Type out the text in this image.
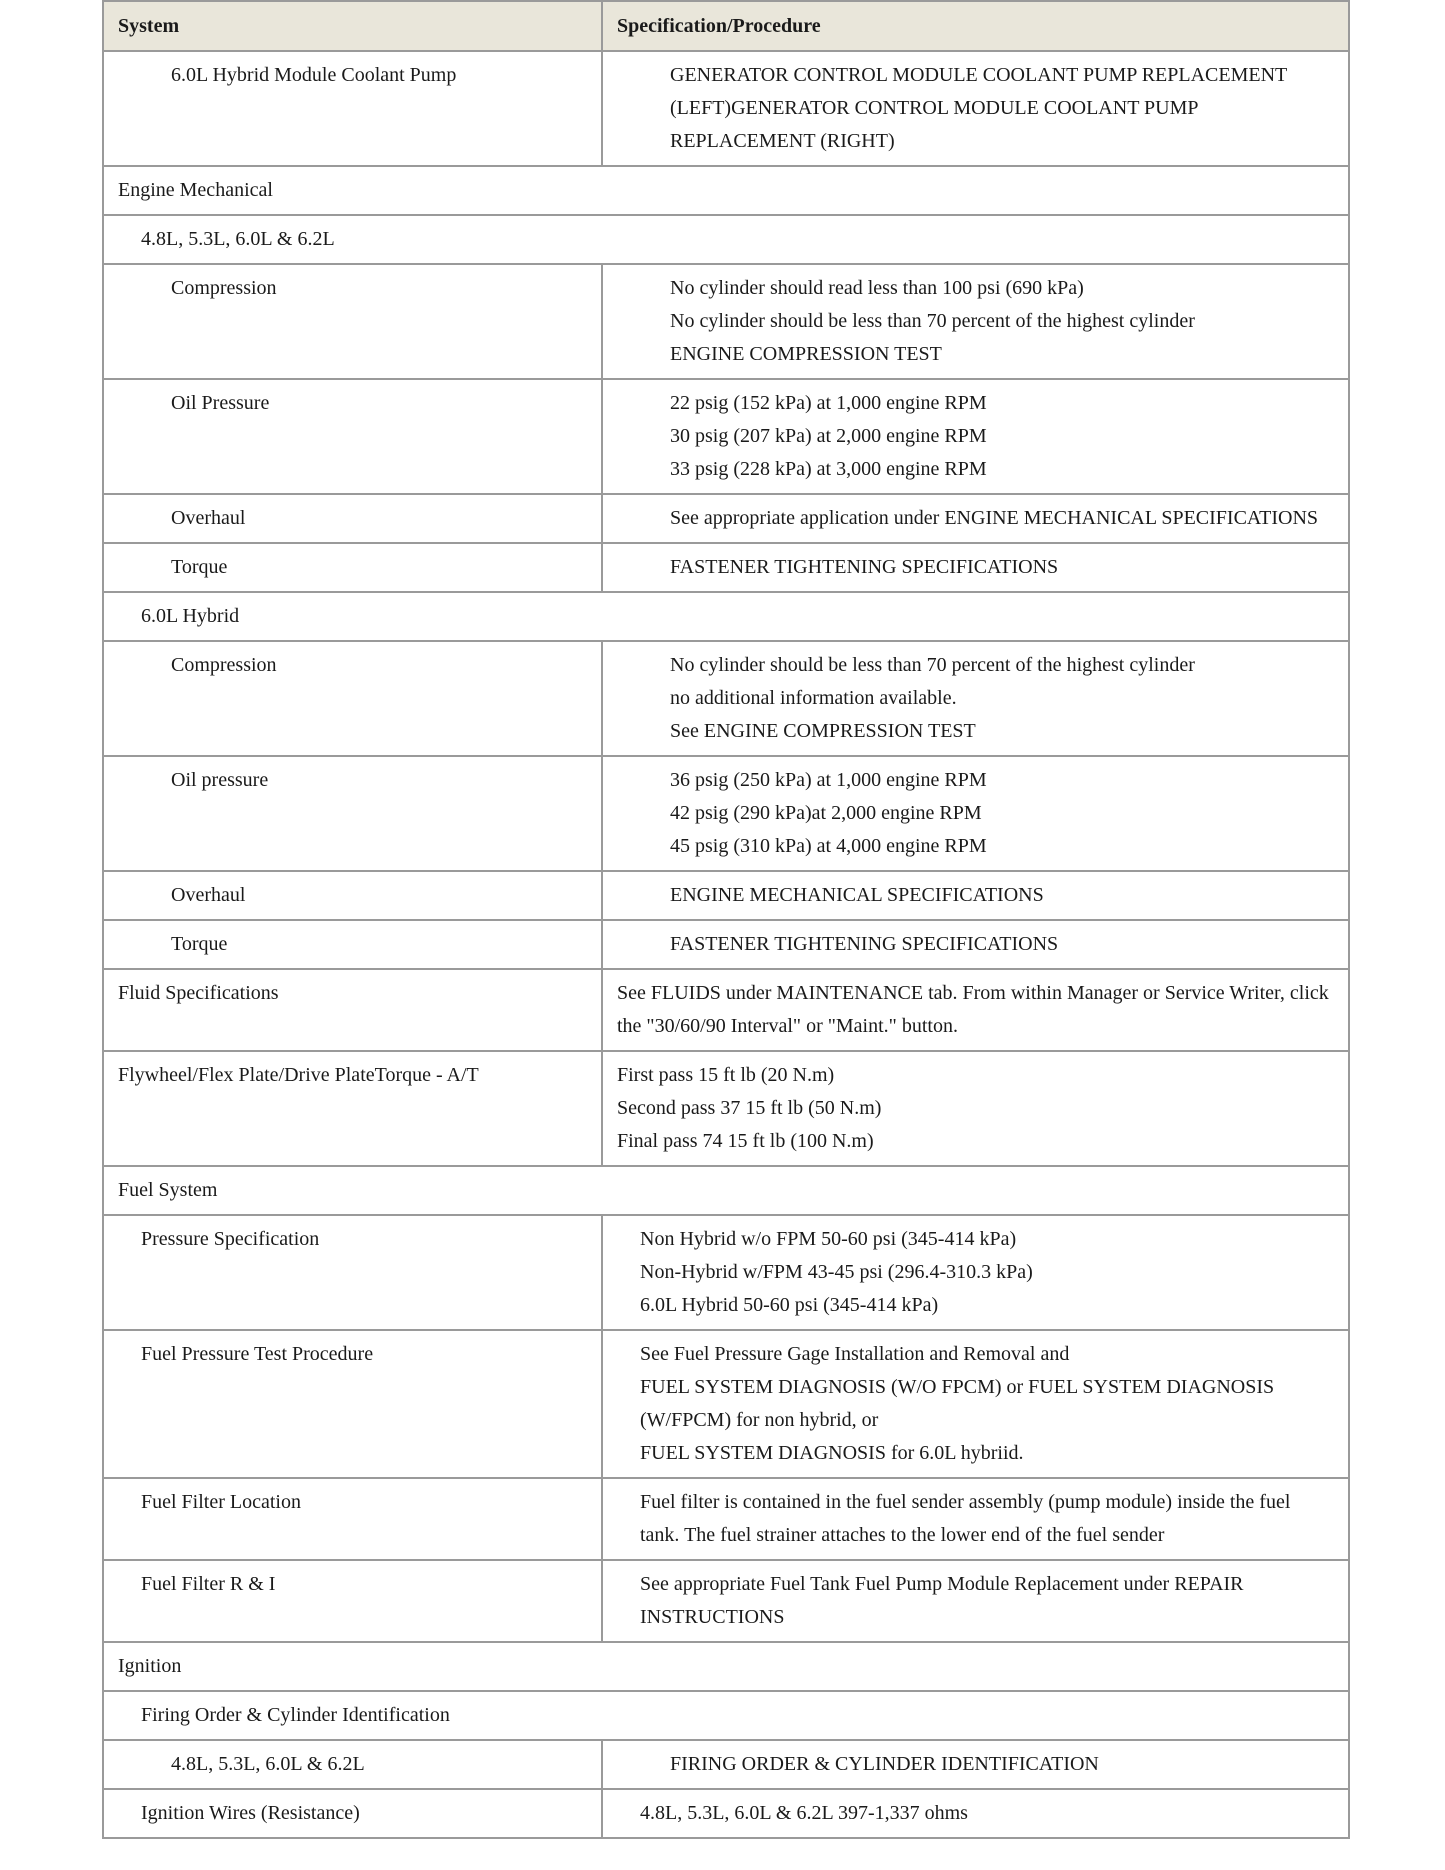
System	Specification/Procedure
6.0L Hybrid Module Coolant Pump	GENERATOR CONTROL MODULE COOLANT PUMP REPLACEMENT (LEFT)GENERATOR CONTROL MODULE COOLANT PUMP REPLACEMENT (RIGHT)

Engine Mechanical	
4.8L, 5.3L, 6.0L & 6.2L	
Compression	No cylinder should read less than 100 psi (690 kPa)
No cylinder should be less than 70 percent of the highest cylinder
ENGINE COMPRESSION TEST

Oil Pressure	22 psig (152 kPa) at 1,000 engine RPM
30 psig (207 kPa) at 2,000 engine RPM
33 psig (228 kPa) at 3,000 engine RPM

Overhaul	See appropriate application under ENGINE MECHANICAL SPECIFICATIONS

Torque	FASTENER TIGHTENING SPECIFICATIONS

6.0L Hybrid	
Compression	No cylinder should be less than 70 percent of the highest cylinder
no additional information available.
See ENGINE COMPRESSION TEST

Oil pressure	36 psig (250 kPa) at 1,000 engine RPM
42 psig (290 kPa)at 2,000 engine RPM
45 psig (310 kPa) at 4,000 engine RPM

Overhaul	ENGINE MECHANICAL SPECIFICATIONS

Torque	FASTENER TIGHTENING SPECIFICATIONS

Fluid Specifications	See FLUIDS under MAINTENANCE tab. From within Manager or Service Writer, click the "30/60/90 Interval" or "Maint." button.

Flywheel/Flex Plate/Drive PlateTorque - A/T	First pass 15 ft lb (20 N.m)
Second pass 37 15 ft lb (50 N.m)
Final pass 74 15 ft lb (100 N.m)

Fuel System	
Pressure Specification	Non Hybrid w/o FPM 50-60 psi (345-414 kPa)
Non-Hybrid w/FPM 43-45 psi (296.4-310.3 kPa)
6.0L Hybrid 50-60 psi (345-414 kPa)

Fuel Pressure Test Procedure	See Fuel Pressure Gage Installation and Removal and
FUEL SYSTEM DIAGNOSIS (W/O FPCM) or FUEL SYSTEM DIAGNOSIS (W/FPCM) for non hybrid, or
FUEL SYSTEM DIAGNOSIS for 6.0L hybriid.

Fuel Filter Location	Fuel filter is contained in the fuel sender assembly (pump module) inside the fuel tank. The fuel strainer attaches to the lower end of the fuel sender

Fuel Filter R & I	See appropriate Fuel Tank Fuel Pump Module Replacement under REPAIR INSTRUCTIONS

Ignition	
Firing Order & Cylinder Identification	
4.8L, 5.3L, 6.0L & 6.2L	FIRING ORDER & CYLINDER IDENTIFICATION

Ignition Wires (Resistance)	4.8L, 5.3L, 6.0L & 6.2L 397-1,337 ohms
